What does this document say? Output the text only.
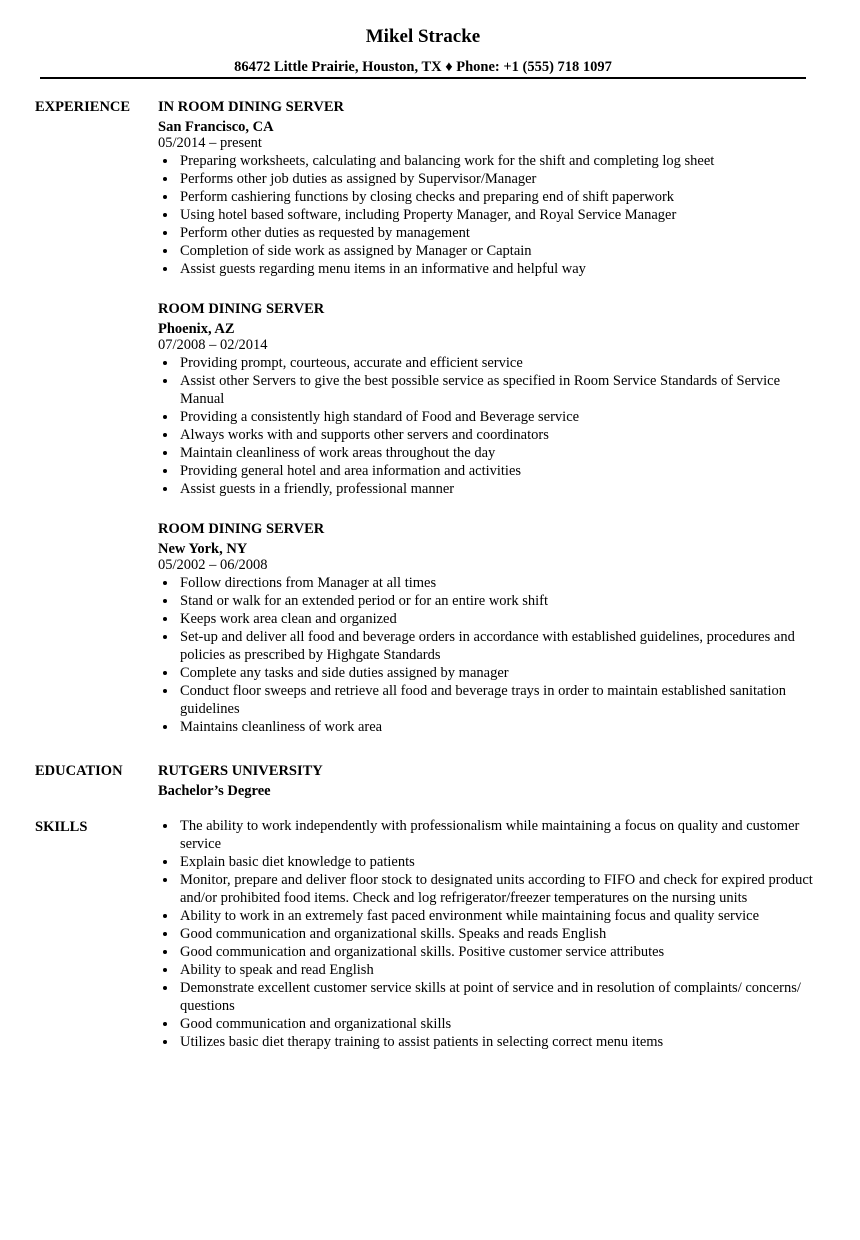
Mikel Stracke
86472 Little Prairie, Houston, TX ♦ Phone: +1 (555) 718 1097
EXPERIENCE IN ROOM DINING SERVER
San Francisco, CA
05/2014 – present
Preparing worksheets, calculating and balancing work for the shift and completing log sheet
Performs other job duties as assigned by Supervisor/Manager
Perform cashiering functions by closing checks and preparing end of shift paperwork
Using hotel based software, including Property Manager, and Royal Service Manager
Perform other duties as requested by management
Completion of side work as assigned by Manager or Captain
Assist guests regarding menu items in an informative and helpful way
ROOM DINING SERVER
Phoenix, AZ
07/2008 – 02/2014
Providing prompt, courteous, accurate and efficient service
Assist other Servers to give the best possible service as specified in Room Service Standards of Service Manual
Providing a consistently high standard of Food and Beverage service
Always works with and supports other servers and coordinators
Maintain cleanliness of work areas throughout the day
Providing general hotel and area information and activities
Assist guests in a friendly, professional manner
ROOM DINING SERVER
New York, NY
05/2002 – 06/2008
Follow directions from Manager at all times
Stand or walk for an extended period or for an entire work shift
Keeps work area clean and organized
Set-up and deliver all food and beverage orders in accordance with established guidelines, procedures and policies as prescribed by Highgate Standards
Complete any tasks and side duties assigned by manager
Conduct floor sweeps and retrieve all food and beverage trays in order to maintain established sanitation guidelines
Maintains cleanliness of work area
EDUCATION RUTGERS UNIVERSITY
Bachelor’s Degree
SKILLS	The ability to work independently with professionalism while maintaining a focus on quality and customer service
Explain basic diet knowledge to patients
Monitor, prepare and deliver floor stock to designated units according to FIFO and check for expired product and/or prohibited food items. Check and log refrigerator/freezer temperatures on the nursing units
Ability to work in an extremely fast paced environment while maintaining focus and quality service
Good communication and organizational skills. Speaks and reads English
Good communication and organizational skills. Positive customer service attributes
Ability to speak and read English
Demonstrate excellent customer service skills at point of service and in resolution of complaints/ concerns/ questions
Good communication and organizational skills
Utilizes basic diet therapy training to assist patients in selecting correct menu items
